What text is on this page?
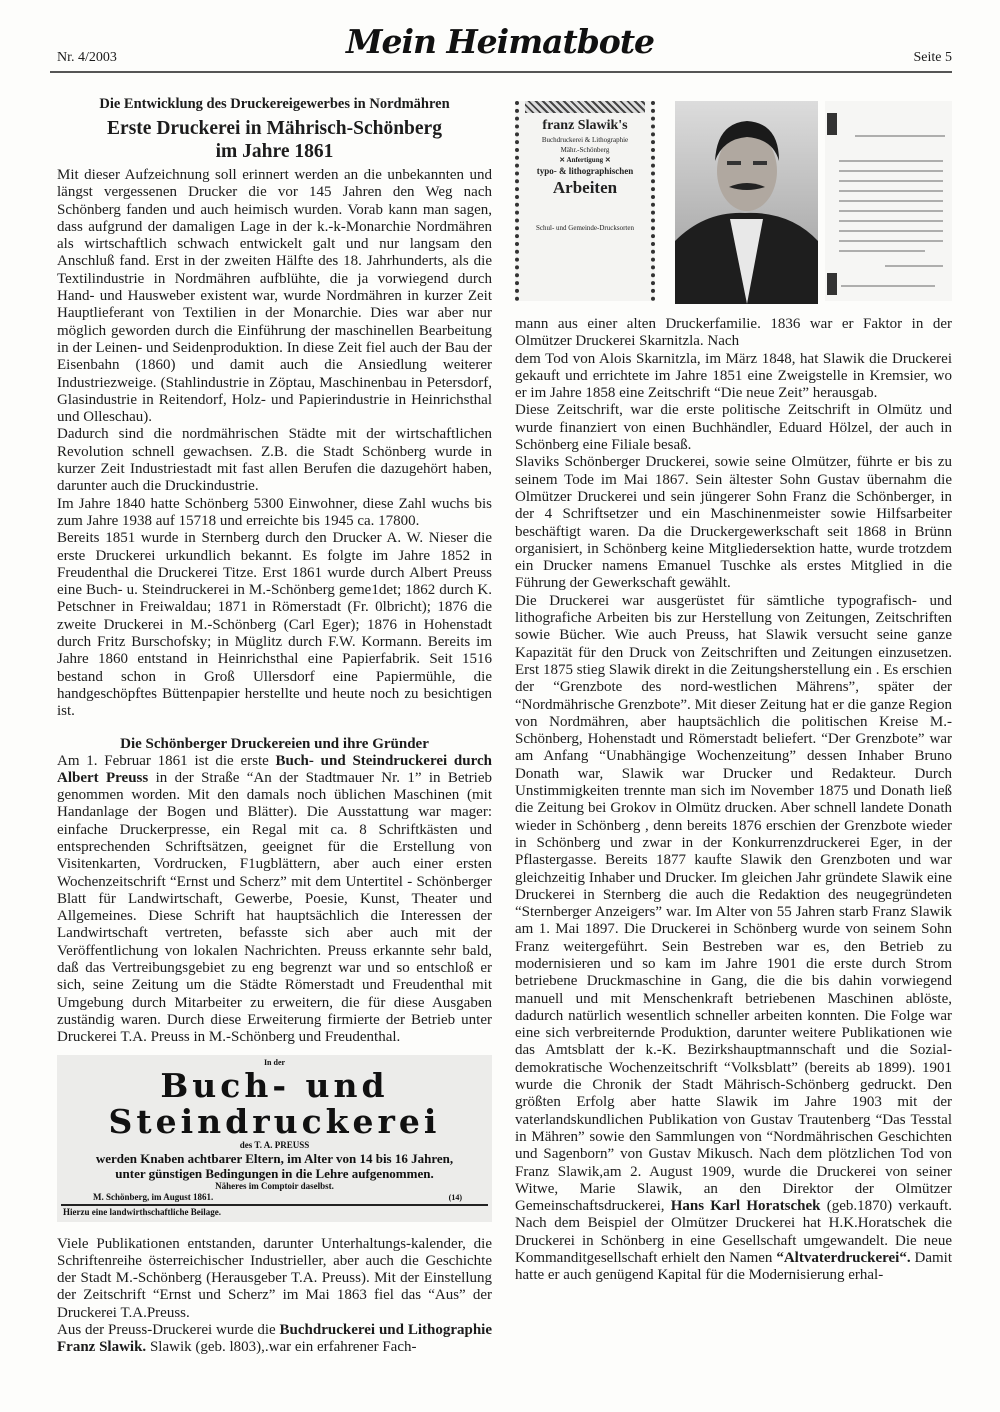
Nr. 4/2003	Mein Heimatbote	Seite 5
Die Entwicklung des Druckereigewerbes in Nordmähren
Erste Druckerei in Mährisch-Schönberg
im Jahre 1861

Mit dieser Aufzeichnung soll erinnert werden an die unbekannten und längst vergessenen Drucker die vor 145 Jahren den Weg nach Schönberg fanden und auch heimisch wurden. Vorab kann man sagen, dass aufgrund der damaligen Lage in der k.-k-Monarchie Nordmähren als wirtschaftlich schwach entwickelt galt und nur langsam den Anschluß fand. Erst in der zweiten Hälfte des 18. Jahrhunderts, als die Textilindustrie in Nordmähren aufblühte, die ja vorwiegend durch Hand- und Hausweber existent war, wurde Nordmähren in kurzer Zeit Hauptlieferant von Textilien in der Monarchie. Dies war aber nur möglich geworden durch die Einführung der maschinellen Bearbeitung in der Leinen- und Seidenproduktion. In diese Zeit fiel auch der Bau der Eisenbahn (1860) und damit auch die Ansiedlung weiterer Industriezweige. (Stahlindustrie in Zöptau, Maschinenbau in Petersdorf, Glasindustrie in Reitendorf, Holz- und Papierindustrie in Heinrichsthal und Olleschau).

Dadurch sind die nordmährischen Städte mit der wirtschaftlichen Revolution schnell gewachsen. Z.B. die Stadt Schönberg wurde in kurzer Zeit Industriestadt mit fast allen Berufen die dazugehört haben, darunter auch die Druckindustrie.

Im Jahre 1840 hatte Schönberg 5300 Einwohner, diese Zahl wuchs bis zum Jahre 1938 auf 15718 und erreichte bis 1945 ca. 17800.

Bereits 1851 wurde in Sternberg durch den Drucker A. W. Nieser die erste Druckerei urkundlich bekannt. Es folgte im Jahre 1852 in Freudenthal die Druckerei Titze. Erst 1861 wurde durch Albert Preuss eine Buch- u. Steindruckerei in M.-Schönberg geme1det; 1862 durch K. Petschner in Freiwaldau; 1871 in Römerstadt (Fr. 0lbricht); 1876 die zweite Druckerei in M.-Schönberg (Carl Eger); 1876 in Hohenstadt durch Fritz Burschofsky; in Müglitz durch F.W. Kormann. Bereits im Jahre 1860 entstand in Heinrichsthal eine Papierfabrik. Seit 1516 bestand schon in Groß Ullersdorf eine Papiermühle, die handgeschöpftes Büttenpapier herstellte und heute noch zu besichtigen ist.

Die Schönberger Druckereien und ihre Gründer

Am 1. Februar 1861 ist die erste Buch- und Steindruckerei durch Albert Preuss in der Straße “An der Stadtmauer Nr. 1” in Betrieb genommen worden. Mit den damals noch üblichen Maschinen (mit Handanlage der Bogen und Blätter). Die Ausstattung war mager: einfache Druckerpresse, ein Regal mit ca. 8 Schriftkästen und entsprechenden Schriftsätzen, geeignet für die Erstellung von Visitenkarten, Vordrucken, F1ugblättern, aber auch einer ersten Wochenzeitschrift “Ernst und Scherz” mit dem Untertitel - Schönberger Blatt für Landwirtschaft, Gewerbe, Poesie, Kunst, Theater und Allgemeines. Diese Schrift hat hauptsächlich die Interessen der Landwirtschaft vertreten, befasste sich aber auch mit der Veröffentlichung von lokalen Nachrichten. Preuss erkannte sehr bald, daß das Vertreibungsgebiet zu eng begrenzt war und so entschloß er sich, seine Zeitung um die Städte Römerstadt und Freudenthal mit Umgebung durch Mitarbeiter zu erweitern, die für diese Ausgaben zuständig waren. Durch diese Erweiterung firmierte der Betrieb unter Druckerei T.A. Preuss in M.-Schönberg und Freudenthal.

In der
Buch- und Steindruckerei
des T. A. PREUSS
werden Knaben achtbarer Eltern, im Alter von 14 bis 16 Jahren,
unter günstigen Bedingungen in die Lehre aufgenommen.
Näheres im Comptoir daselbst.
M. Schönberg, im August 1861.	(14)
Hierzu eine landwirthschaftliche Beilage.

Viele Publikationen entstanden, darunter Unterhaltungs-kalender, die Schriftenreihe österreichischer Industrieller, aber auch die Geschichte der Stadt M.-Schönberg (Herausgeber T.A. Preuss). Mit der Einstellung der Zeitschrift “Ernst und Scherz” im Mai 1863 fiel das “Aus” der Druckerei T.A.Preuss.

Aus der Preuss-Druckerei wurde die Buchdruckerei und Lithographie Franz Slawik. Slawik (geb. l803),.war ein erfahrener Fach-

franz Slawik's
Buchdruckerei & Lithographie
Mähr.-Schönberg
✕ Anfertigung ✕
typo- & lithographischen
Arbeiten
Schul- und Gemeinde-Drucksorten

mann aus einer alten Druckerfamilie. 1836 war er Faktor in der Olmützer Druckerei Skarnitzla. Nach

dem Tod von Alois Skarnitzla, im März 1848, hat Slawik die Druckerei gekauft und errichtete im Jahre 1851 eine Zweigstelle in Kremsier, wo er im Jahre 1858 eine Zeitschrift “Die neue Zeit” herausgab.

Diese Zeitschrift, war die erste politische Zeitschrift in Olmütz und wurde finanziert von einen Buchhändler, Eduard Hölzel, der auch in Schönberg eine Filiale besaß.

Slaviks Schönberger Druckerei, sowie seine Olmützer, führte er bis zu seinem Tode im Mai 1867. Sein ältester Sohn Gustav übernahm die Olmützer Druckerei und sein jüngerer Sohn Franz die Schönberger, in der 4 Schriftsetzer und ein Maschinenmeister sowie Hilfsarbeiter beschäftigt waren. Da die Druckergewerkschaft seit 1868 in Brünn organisiert, in Schönberg keine Mitgliedersektion hatte, wurde trotzdem ein Drucker namens Emanuel Tuschke als erstes Mitglied in die Führung der Gewerkschaft gewählt.

Die Druckerei war ausgerüstet für sämtliche typografisch- und lithografiche Arbeiten bis zur Herstellung von Zeitungen, Zeitschriften sowie Bücher. Wie auch Preuss, hat Slawik versucht seine ganze Kapazität für den Druck von Zeitschriften und Zeitungen einzusetzen. Erst 1875 stieg Slawik direkt in die Zeitungsherstellung ein . Es erschien der “Grenzbote des nord-westlichen Mährens”, später der “Nordmährische Grenzbote”. Mit dieser Zeitung hat er die ganze Region von Nordmähren, aber hauptsächlich die politischen Kreise M.-Schönberg, Hohenstadt und Römerstadt beliefert. “Der Grenzbote” war am Anfang “Unabhängige Wochenzeitung” dessen Inhaber Bruno Donath war, Slawik war Drucker und Redakteur. Durch Unstimmigkeiten trennte man sich im November 1875 und Donath ließ die Zeitung bei Grokov in Olmütz drucken. Aber schnell landete Donath wieder in Schönberg , denn bereits 1876 erschien der Grenzbote wieder in Schönberg und zwar in der Konkurrenzdruckerei Eger, in der Pflastergasse. Bereits 1877 kaufte Slawik den Grenzboten und war gleichzeitig Inhaber und Drucker. Im gleichen Jahr gründete Slawik eine Druckerei in Sternberg die auch die Redaktion des neugegründeten “Sternberger Anzeigers” war. Im Alter von 55 Jahren starb Franz Slawik am 1. Mai 1897. Die Druckerei in Schönberg wurde von seinem Sohn Franz weitergeführt. Sein Bestreben war es, den Betrieb zu modernisieren und so kam im Jahre 1901 die erste durch Strom betriebene Druckmaschine in Gang, die die bis dahin vorwiegend manuell und mit Menschenkraft betriebenen Maschinen ablöste, dadurch natürlich wesentlich schneller arbeiten konnten. Die Folge war eine sich verbreiternde Produktion, darunter weitere Publikationen wie das Amtsblatt der k.-K. Bezirkshauptmannschaft und die Sozial-demokratische Wochenzeitschrift “Volksblatt” (bereits ab 1899). 1901 wurde die Chronik der Stadt Mährisch-Schönberg gedruckt. Den größten Erfolg aber hatte Slawik im Jahre 1903 mit der vaterlandskundlichen Publikation von Gustav Trautenberg “Das Tesstal in Mähren” sowie den Sammlungen von “Nordmährischen Geschichten und Sagenborn” von Gustav Mikusch. Nach dem plötzlichen Tod von Franz Slawik,am 2. August 1909, wurde die Druckerei von seiner Witwe, Marie Slawik, an den Direktor der Olmützer Gemeinschaftsdruckerei, Hans Karl Horatschek (geb.1870) verkauft. Nach dem Beispiel der Olmützer Druckerei hat H.K.Horatschek die Druckerei in Schönberg in eine Gesellschaft umgewandelt. Die neue Kommanditgesellschaft erhielt den Namen “Altvaterdruckerei“. Damit hatte er auch genügend Kapital für die Modernisierung erhal-
